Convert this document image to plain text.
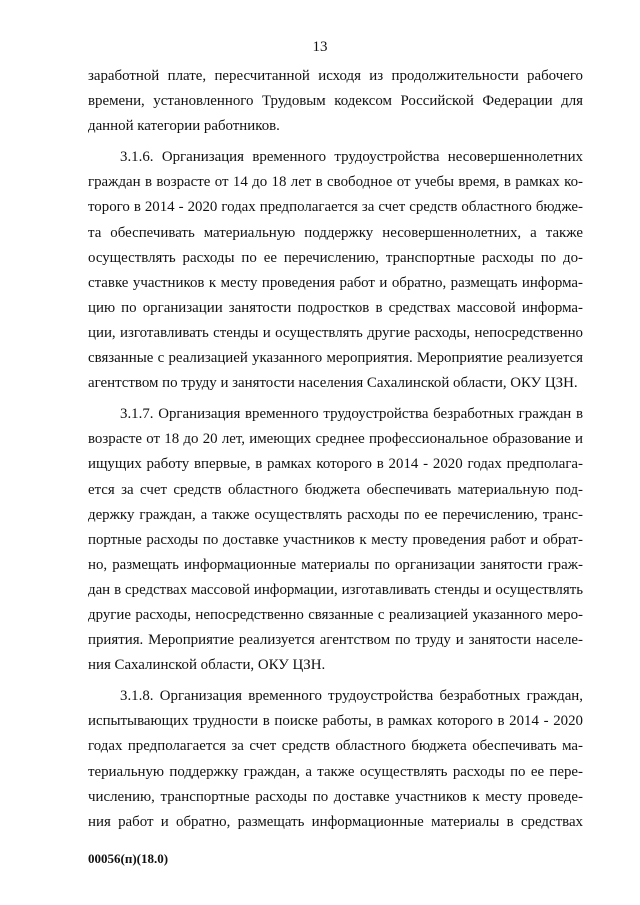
13
заработной плате, пересчитанной исходя из продолжительности рабочего
времени, установленного Трудовым кодексом Российской Федерации для
данной категории работников.
3.1.6. Организация временного трудоустройства несовершеннолетних
граждан в возрасте от 14 до 18 лет в свободное от учебы время, в рамках ко-
торого в 2014 - 2020 годах предполагается за счет средств областного бюдже-
та обеспечивать материальную поддержку несовершеннолетних, а также
осуществлять расходы по ее перечислению, транспортные расходы по до-
ставке участников к месту проведения работ и обратно, размещать информа-
цию по организации занятости подростков в средствах массовой информа-
ции, изготавливать стенды и осуществлять другие расходы, непосредственно
связанные с реализацией указанного мероприятия. Мероприятие реализуется
агентством по труду и занятости населения Сахалинской области, ОКУ ЦЗН.
3.1.7. Организация временного трудоустройства безработных граждан в
возрасте от 18 до 20 лет, имеющих среднее профессиональное образование и
ищущих работу впервые, в рамках которого в 2014 - 2020 годах предполага-
ется за счет средств областного бюджета обеспечивать материальную под-
держку граждан, а также осуществлять расходы по ее перечислению, транс-
портные расходы по доставке участников к месту проведения работ и обрат-
но, размещать информационные материалы по организации занятости граж-
дан в средствах массовой информации, изготавливать стенды и осуществлять
другие расходы, непосредственно связанные с реализацией указанного меро-
приятия. Мероприятие реализуется агентством по труду и занятости населе-
ния Сахалинской области, ОКУ ЦЗН.
3.1.8. Организация временного трудоустройства безработных граждан,
испытывающих трудности в поиске работы, в рамках которого в 2014 - 2020
годах предполагается за счет средств областного бюджета обеспечивать ма-
териальную поддержку граждан, а также осуществлять расходы по ее пере-
числению, транспортные расходы по доставке участников к месту проведе-
ния работ и обратно, размещать информационные материалы в средствах
00056(п)(18.0)
